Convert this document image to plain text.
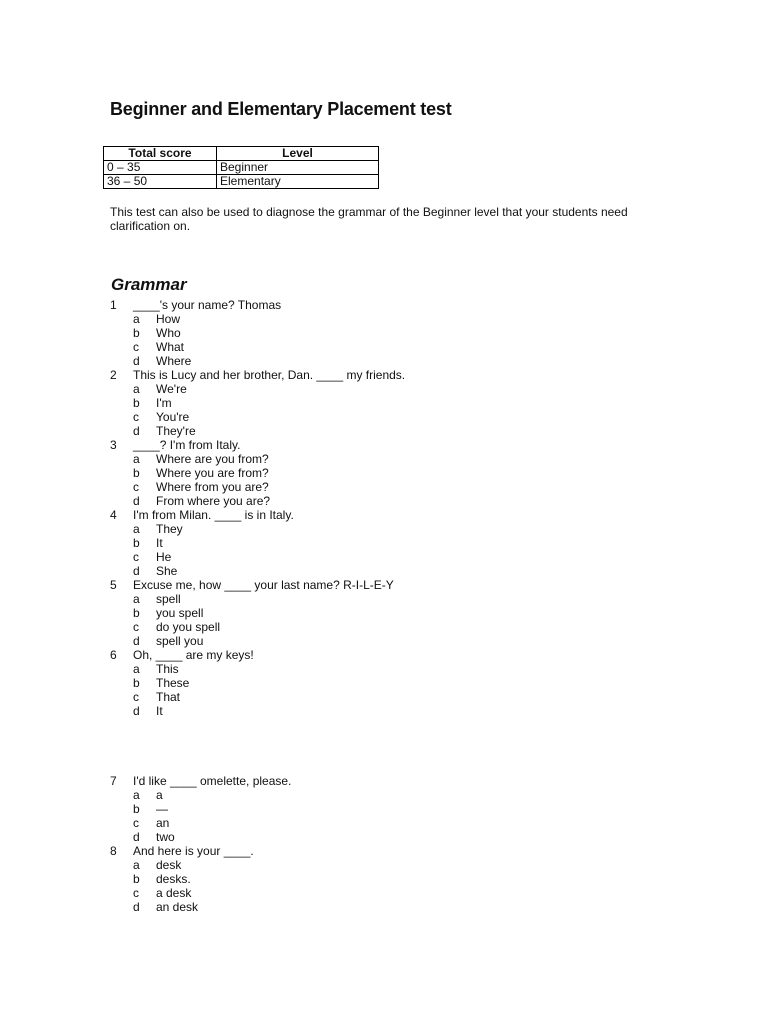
Beginner and Elementary Placement test
Total score	Level
0 – 35	Beginner
36 – 50	Elementary
This test can also be used to diagnose the grammar of the Beginner level that your students need clarification on.
Grammar
1 ____'s your name? Thomas
a How
b Who
c What
d Where
2 This is Lucy and her brother, Dan. ____ my friends.
a We're
b I'm
c You're
d They're
3 ____? I'm from Italy.
a Where are you from?
b Where you are from?
c Where from you are?
d From where you are?
4 I'm from Milan. ____ is in Italy.
a They
b It
c He
d She
5 Excuse me, how ____ your last name? R-I-L-E-Y
a spell
b you spell
c do you spell
d spell you
6 Oh, ____ are my keys!
a This
b These
c That
d It
7 I'd like ____ omelette, please.
a a
b —
c an
d two
8 And here is your ____.
a desk
b desks.
c a desk
d an desk
